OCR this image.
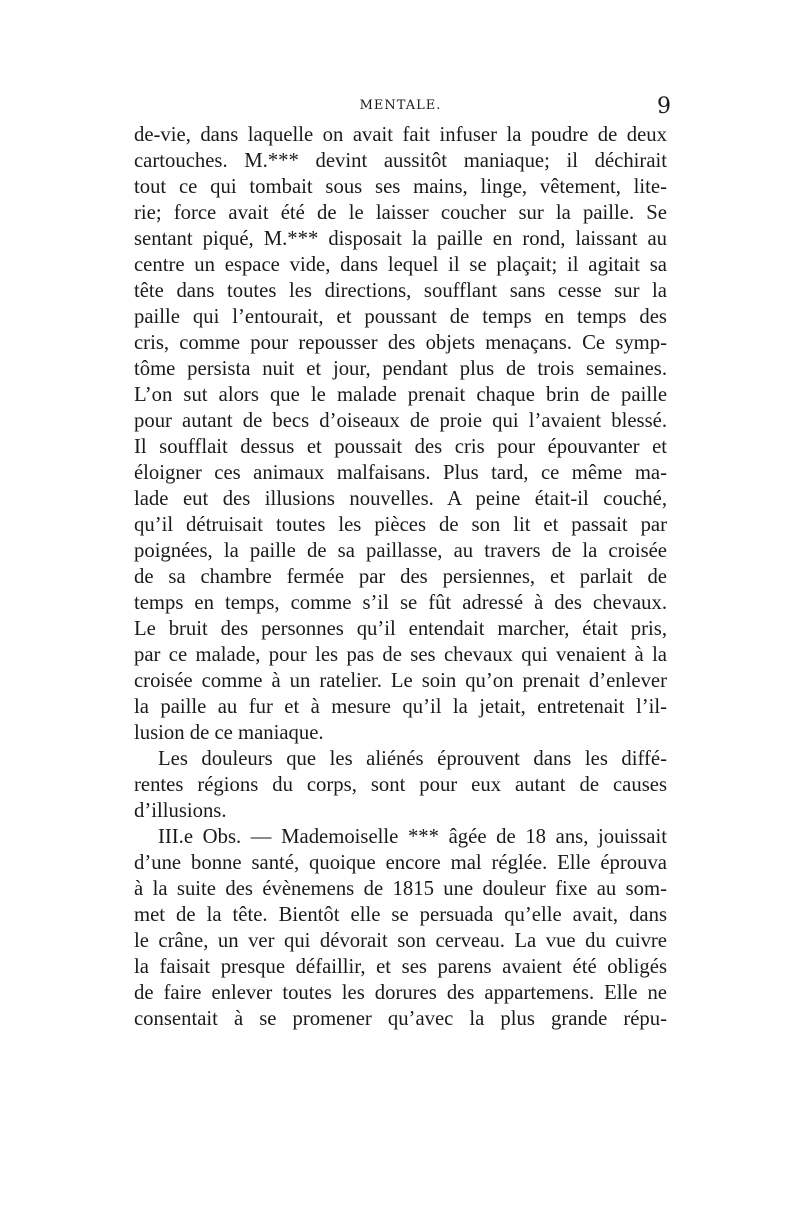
MENTALE.	9
de-vie, dans laquelle on avait fait infuser la poudre de deux
cartouches. M.*** devint aussitôt maniaque; il déchirait
tout ce qui tombait sous ses mains, linge, vêtement, lite-
rie; force avait été de le laisser coucher sur la paille. Se
sentant piqué, M.*** disposait la paille en rond, laissant au
centre un espace vide, dans lequel il se plaçait; il agitait sa
tête dans toutes les directions, soufflant sans cesse sur la
paille qui l’entourait, et poussant de temps en temps des
cris, comme pour repousser des objets menaçans. Ce symp-
tôme persista nuit et jour, pendant plus de trois semaines.
L’on sut alors que le malade prenait chaque brin de paille
pour autant de becs d’oiseaux de proie qui l’avaient blessé.
Il soufflait dessus et poussait des cris pour épouvanter et
éloigner ces animaux malfaisans. Plus tard, ce même ma-
lade eut des illusions nouvelles. A peine était-il couché,
qu’il détruisait toutes les pièces de son lit et passait par
poignées, la paille de sa paillasse, au travers de la croisée
de sa chambre fermée par des persiennes, et parlait de
temps en temps, comme s’il se fût adressé à des chevaux.
Le bruit des personnes qu’il entendait marcher, était pris,
par ce malade, pour les pas de ses chevaux qui venaient à la
croisée comme à un ratelier. Le soin qu’on prenait d’enlever
la paille au fur et à mesure qu’il la jetait, entretenait l’il-
lusion de ce maniaque.
Les douleurs que les aliénés éprouvent dans les diffé-
rentes régions du corps, sont pour eux autant de causes
d’illusions.
III.e Obs. — Mademoiselle *** âgée de 18 ans, jouissait
d’une bonne santé, quoique encore mal réglée. Elle éprouva
à la suite des évènemens de 1815 une douleur fixe au som-
met de la tête. Bientôt elle se persuada qu’elle avait, dans
le crâne, un ver qui dévorait son cerveau. La vue du cuivre
la faisait presque défaillir, et ses parens avaient été obligés
de faire enlever toutes les dorures des appartemens. Elle ne
consentait à se promener qu’avec la plus grande répu-
